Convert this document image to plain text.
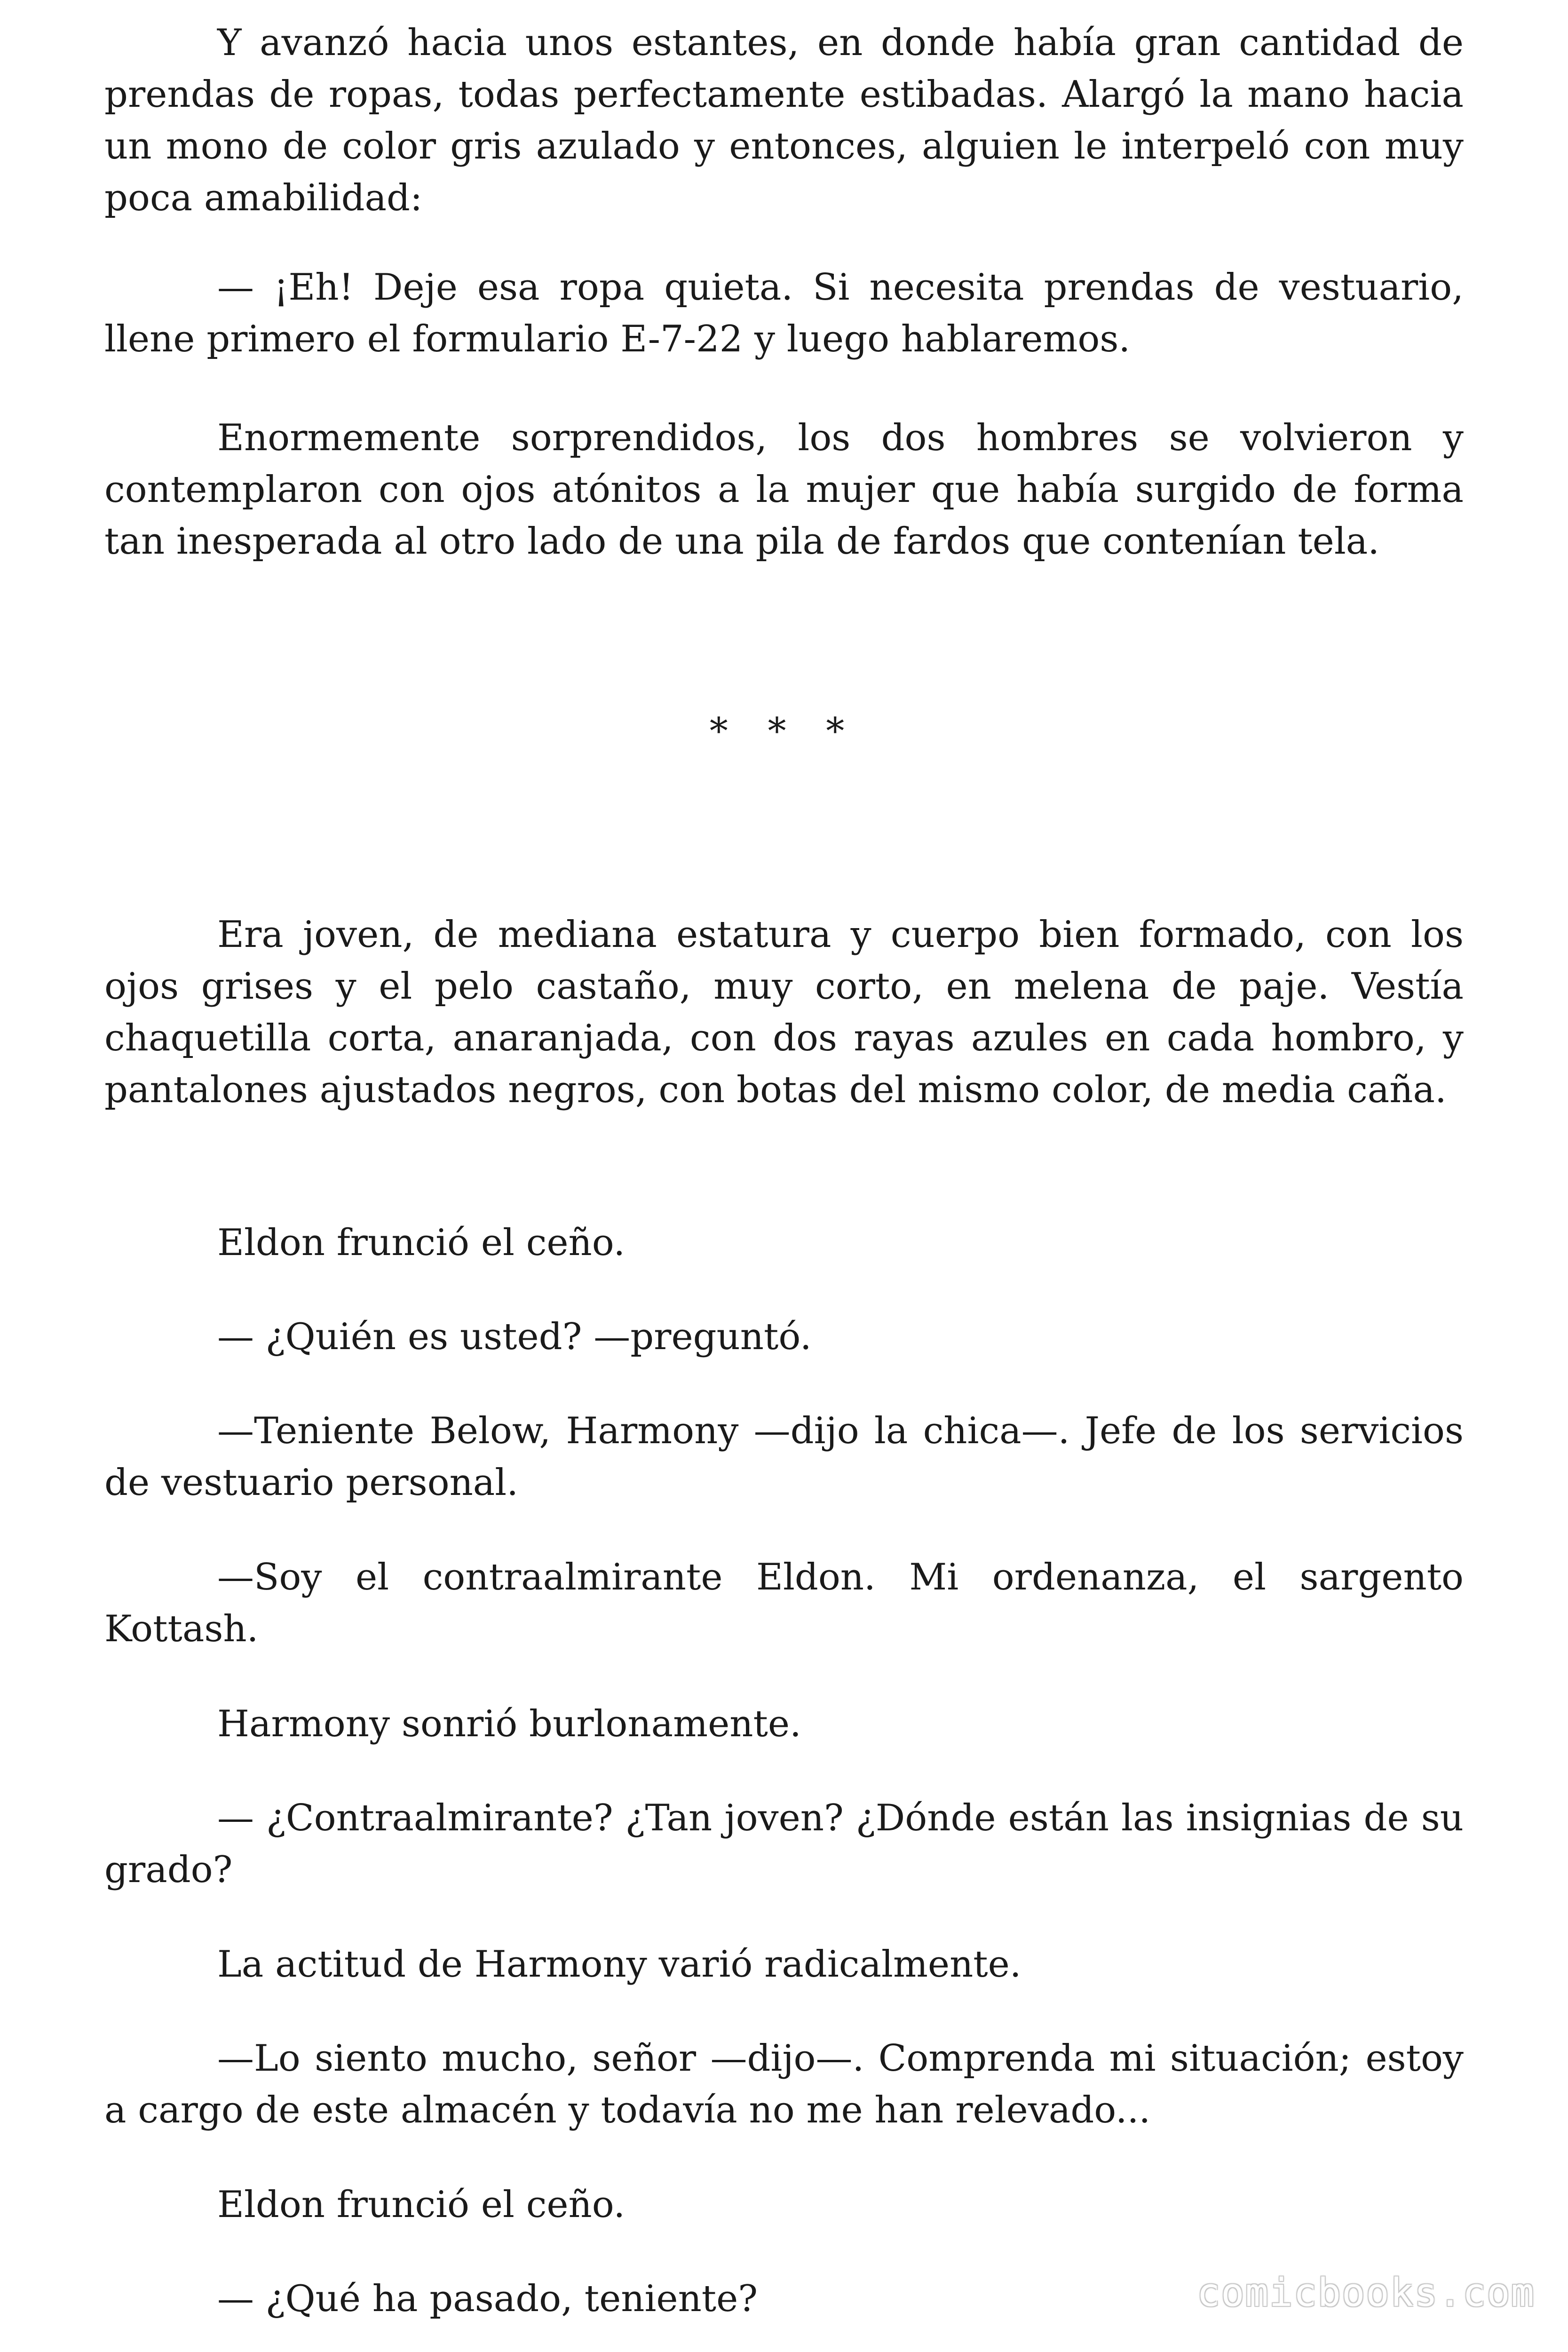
Y avanzó hacia unos estantes, en donde había gran cantidad de prendas de ropas, todas perfectamente estibadas. Alargó la mano hacia un mono de color gris azulado y entonces, alguien le interpeló con muy poca amabilidad:

— ¡Eh! Deje esa ropa quieta. Si necesita prendas de vestuario, llene primero el formulario E-7-22 y luego hablaremos.

Enormemente sorprendidos, los dos hombres se volvieron y contemplaron con ojos atónitos a la mujer que había surgido de forma tan inesperada al otro lado de una pila de fardos que contenían tela.

* * *

Era joven, de mediana estatura y cuerpo bien formado, con los ojos grises y el pelo castaño, muy corto, en melena de paje. Vestía chaquetilla corta, anaranjada, con dos rayas azules en cada hombro, y pantalones ajustados negros, con botas del mismo color, de media caña.

Eldon frunció el ceño.

— ¿Quién es usted? —preguntó.

—Teniente Below, Harmony —dijo la chica—. Jefe de los servicios de vestuario personal.

—Soy el contraalmirante Eldon. Mi ordenanza, el sargento Kottash.

Harmony sonrió burlonamente.

— ¿Contraalmirante? ¿Tan joven? ¿Dónde están las insignias de su grado?

La actitud de Harmony varió radicalmente.

—Lo siento mucho, señor —dijo—. Comprenda mi situación; estoy a cargo de este almacén y todavía no me han relevado...

Eldon frunció el ceño.

— ¿Qué ha pasado, teniente?	comicbooks.com
